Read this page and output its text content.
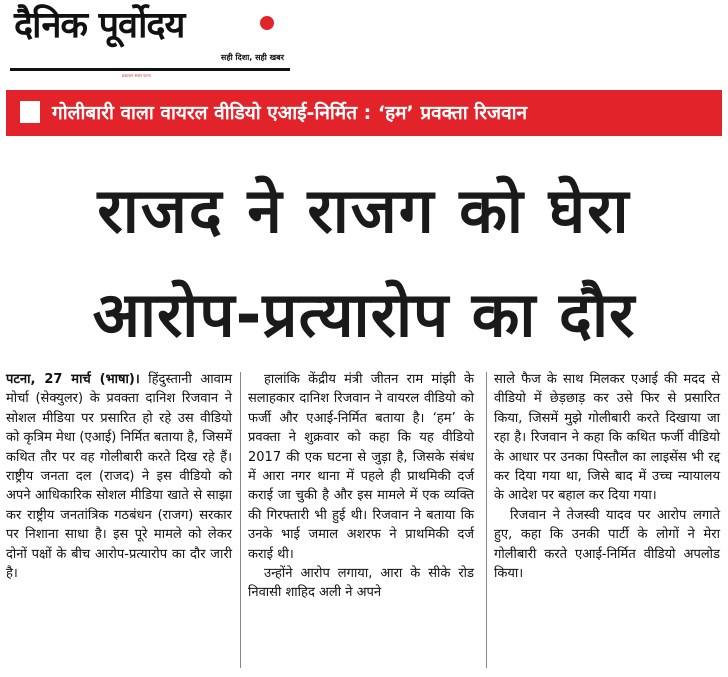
दैनिक पूर्वोदय
सही दिशा, सही खबर
प्रकाशन स्थान पटना
गोलीबारी वाला वायरल वीडियो एआई-निर्मित : ‘हम’ प्रवक्ता रिजवान
राजद ने राजग को घेरा
आरोप-प्रत्यारोप का दौर

पटना, 27 मार्च (भाषा)। हिंदुस्तानी आवाम मोर्चा (सेक्युलर) के प्रवक्ता दानिश रिजवान ने सोशल मीडिया पर प्रसारित हो रहे उस वीडियो को कृत्रिम मेधा (एआई) निर्मित बताया है, जिसमें कथित तौर पर वह गोलीबारी करते दिख रहे हैं। राष्ट्रीय जनता दल (राजद) ने इस वीडियो को अपने आधिकारिक सोशल मीडिया खाते से साझा कर राष्ट्रीय जनतांत्रिक गठबंधन (राजग) सरकार पर निशाना साधा है। इस पूरे मामले को लेकर दोनों पक्षों के बीच आरोप-प्रत्यारोप का दौर जारी है।

हालांकि केंद्रीय मंत्री जीतन राम मांझी के सलाहकार दानिश रिजवान ने वायरल वीडियो को फर्जी और एआई-निर्मित बताया है। ‘हम’ के प्रवक्ता ने शुक्रवार को कहा कि यह वीडियो 2017 की एक घटना से जुड़ा है, जिसके संबंध में आरा नगर थाना में पहले ही प्राथमिकी दर्ज कराई जा चुकी है और इस मामले में एक व्यक्ति की गिरफ्तारी भी हुई थी। रिजवान ने बताया कि उनके भाई जमाल अशरफ ने प्राथमिकी दर्ज कराई थी।

उन्होंने आरोप लगाया, आरा के सीके रोड निवासी शाहिद अली ने अपने

साले फैज के साथ मिलकर एआई की मदद से वीडियो में छेड़छाड़ कर उसे फिर से प्रसारित किया, जिसमें मुझे गोलीबारी करते दिखाया जा रहा है। रिजवान ने कहा कि कथित फर्जी वीडियो के आधार पर उनका पिस्तौल का लाइसेंस भी रद्द कर दिया गया था, जिसे बाद में उच्च न्यायालय के आदेश पर बहाल कर दिया गया।

रिजवान ने तेजस्वी यादव पर आरोप लगाते हुए, कहा कि उनकी पार्टी के लोगों ने मेरा गोलीबारी करते एआई-निर्मित वीडियो अपलोड किया।
